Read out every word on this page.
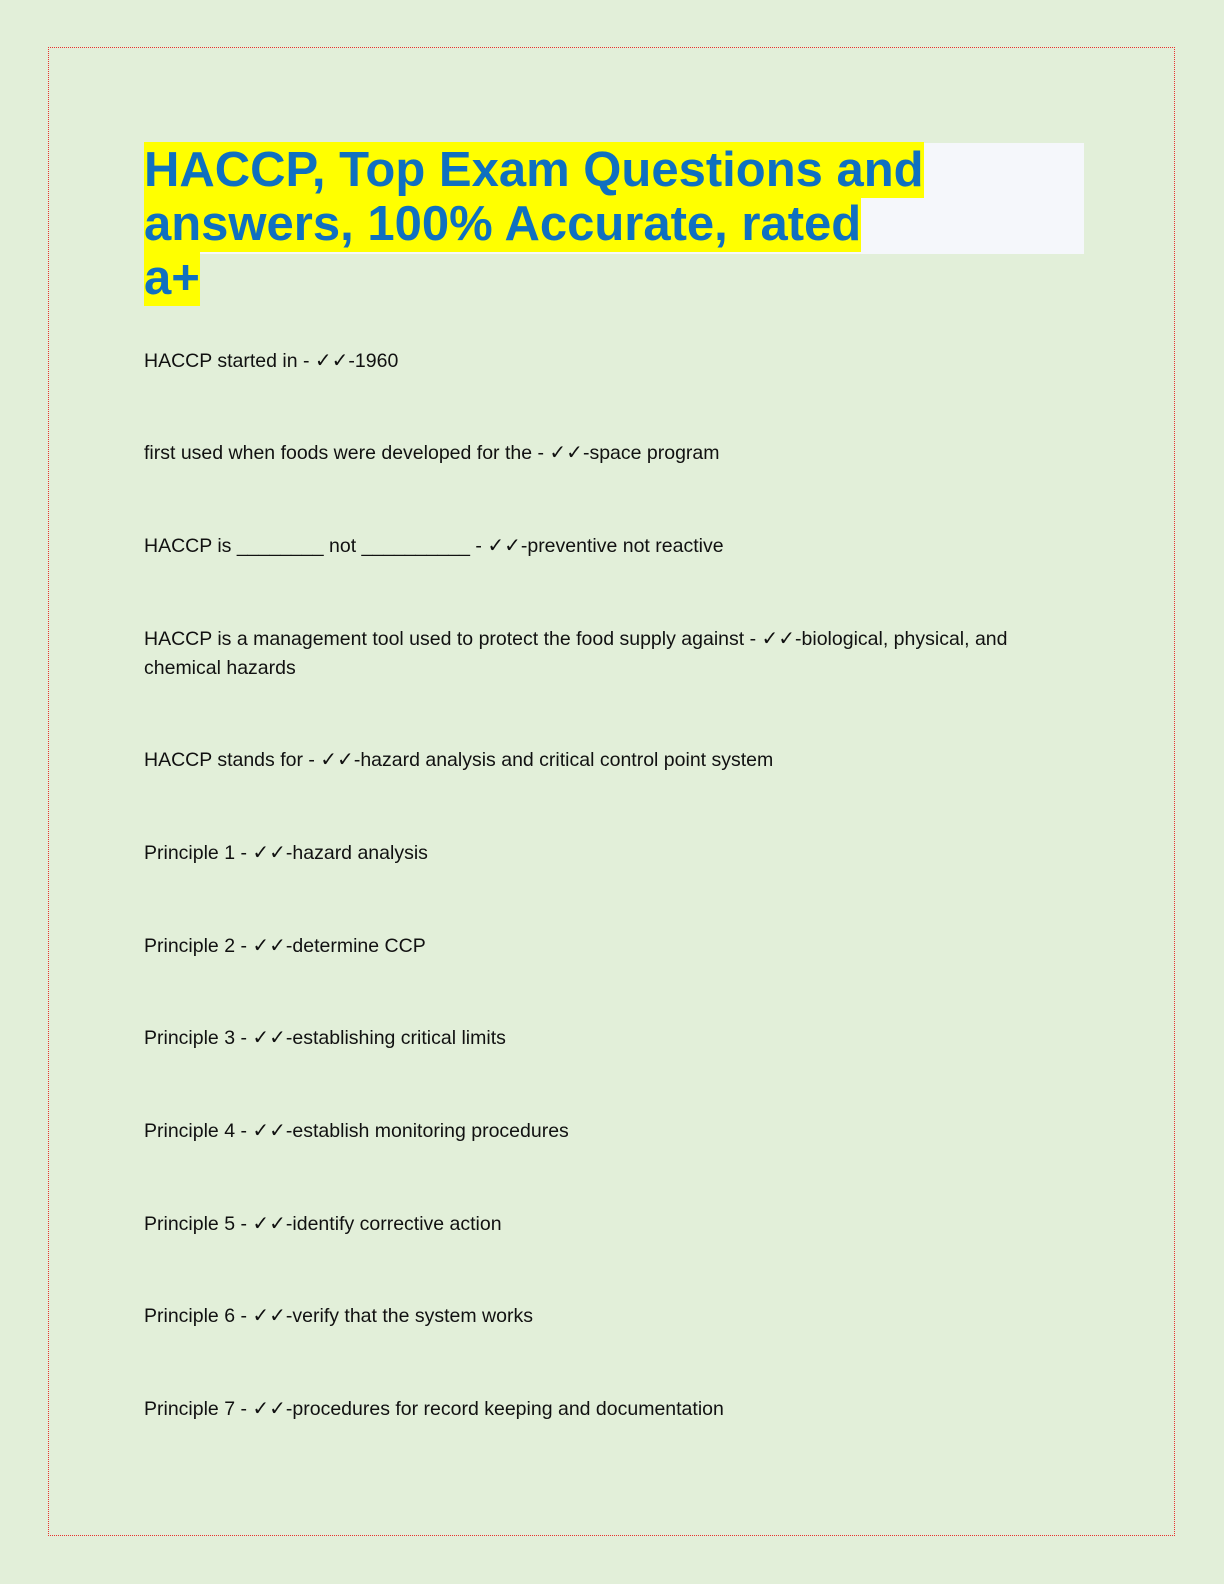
HACCP, Top Exam Questions and answers, 100% Accurate, rated a+
HACCP started in - ✓✓-1960
first used when foods were developed for the - ✓✓-space program
HACCP is ________ not __________ - ✓✓-preventive not reactive
HACCP is a management tool used to protect the food supply against - ✓✓-biological, physical, and chemical hazards
HACCP stands for - ✓✓-hazard analysis and critical control point system
Principle 1 - ✓✓-hazard analysis
Principle 2 - ✓✓-determine CCP
Principle 3 - ✓✓-establishing critical limits
Principle 4 - ✓✓-establish monitoring procedures
Principle 5 - ✓✓-identify corrective action
Principle 6 - ✓✓-verify that the system works
Principle 7 - ✓✓-procedures for record keeping and documentation
